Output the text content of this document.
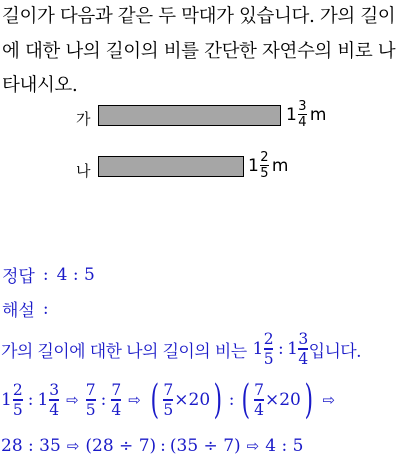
길이가 다음과 같은 두 막대가 있습니다. 가의 길이
에 대한 나의 길이의 비를 간단한 자연수의 비로 나
타내시오.
가	1 3
4 m
나	1 2
5 m
정답 : 4 : 5
해설 :
가의 길이에 대한 나의 길이의 비는 $1 \frac{2}{5}$ : $1 \frac{3}{4}$ 입니다.
$1 \frac{2}{5}$ : $1 \frac{3}{4}$ ⇨ $\frac{7}{5}$ : $\frac{7}{4}$ ⇨ ( $\frac{7}{5} \times 20$ ) : ( $\frac{7}{4} \times 20$ ) ⇨
28 : 35 ⇨ (28 ÷ 7) : (35 ÷ 7) ⇨ 4 : 5
